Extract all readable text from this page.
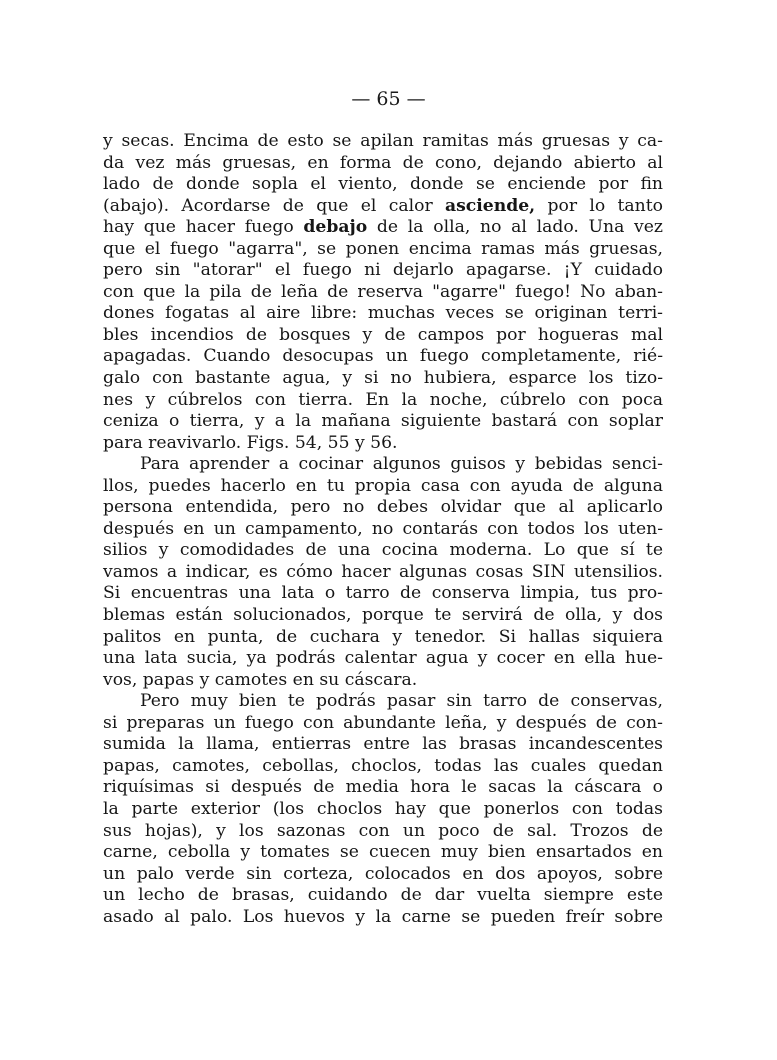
— 65 —
y secas. Encima de esto se apilan ramitas más gruesas y ca-
da vez más gruesas, en forma de cono, dejando abierto al
lado de donde sopla el viento, donde se enciende por fin
(abajo). Acordarse de que el calor asciende, por lo tanto
hay que hacer fuego debajo de la olla, no al lado. Una vez
que el fuego "agarra", se ponen encima ramas más gruesas,
pero sin "atorar" el fuego ni dejarlo apagarse. ¡Y cuidado
con que la pila de leña de reserva "agarre" fuego! No aban-
dones fogatas al aire libre: muchas veces se originan terri-
bles incendios de bosques y de campos por hogueras mal
apagadas. Cuando desocupas un fuego completamente, rié-
galo con bastante agua, y si no hubiera, esparce los tizo-
nes y cúbrelos con tierra. En la noche, cúbrelo con poca
ceniza o tierra, y a la mañana siguiente bastará con soplar
para reavivarlo. Figs. 54, 55 y 56.
Para aprender a cocinar algunos guisos y bebidas senci-
llos, puedes hacerlo en tu propia casa con ayuda de alguna
persona entendida, pero no debes olvidar que al aplicarlo
después en un campamento, no contarás con todos los uten-
silios y comodidades de una cocina moderna. Lo que sí te
vamos a indicar, es cómo hacer algunas cosas SIN utensilios.
Si encuentras una lata o tarro de conserva limpia, tus pro-
blemas están solucionados, porque te servirá de olla, y dos
palitos en punta, de cuchara y tenedor. Si hallas siquiera
una lata sucia, ya podrás calentar agua y cocer en ella hue-
vos, papas y camotes en su cáscara.
Pero muy bien te podrás pasar sin tarro de conservas,
si preparas un fuego con abundante leña, y después de con-
sumida la llama, entierras entre las brasas incandescentes
papas, camotes, cebollas, choclos, todas las cuales quedan
riquísimas si después de media hora le sacas la cáscara o
la parte exterior (los choclos hay que ponerlos con todas
sus hojas), y los sazonas con un poco de sal. Trozos de
carne, cebolla y tomates se cuecen muy bien ensartados en
un palo verde sin corteza, colocados en dos apoyos, sobre
un lecho de brasas, cuidando de dar vuelta siempre este
asado al palo. Los huevos y la carne se pueden freír sobre
